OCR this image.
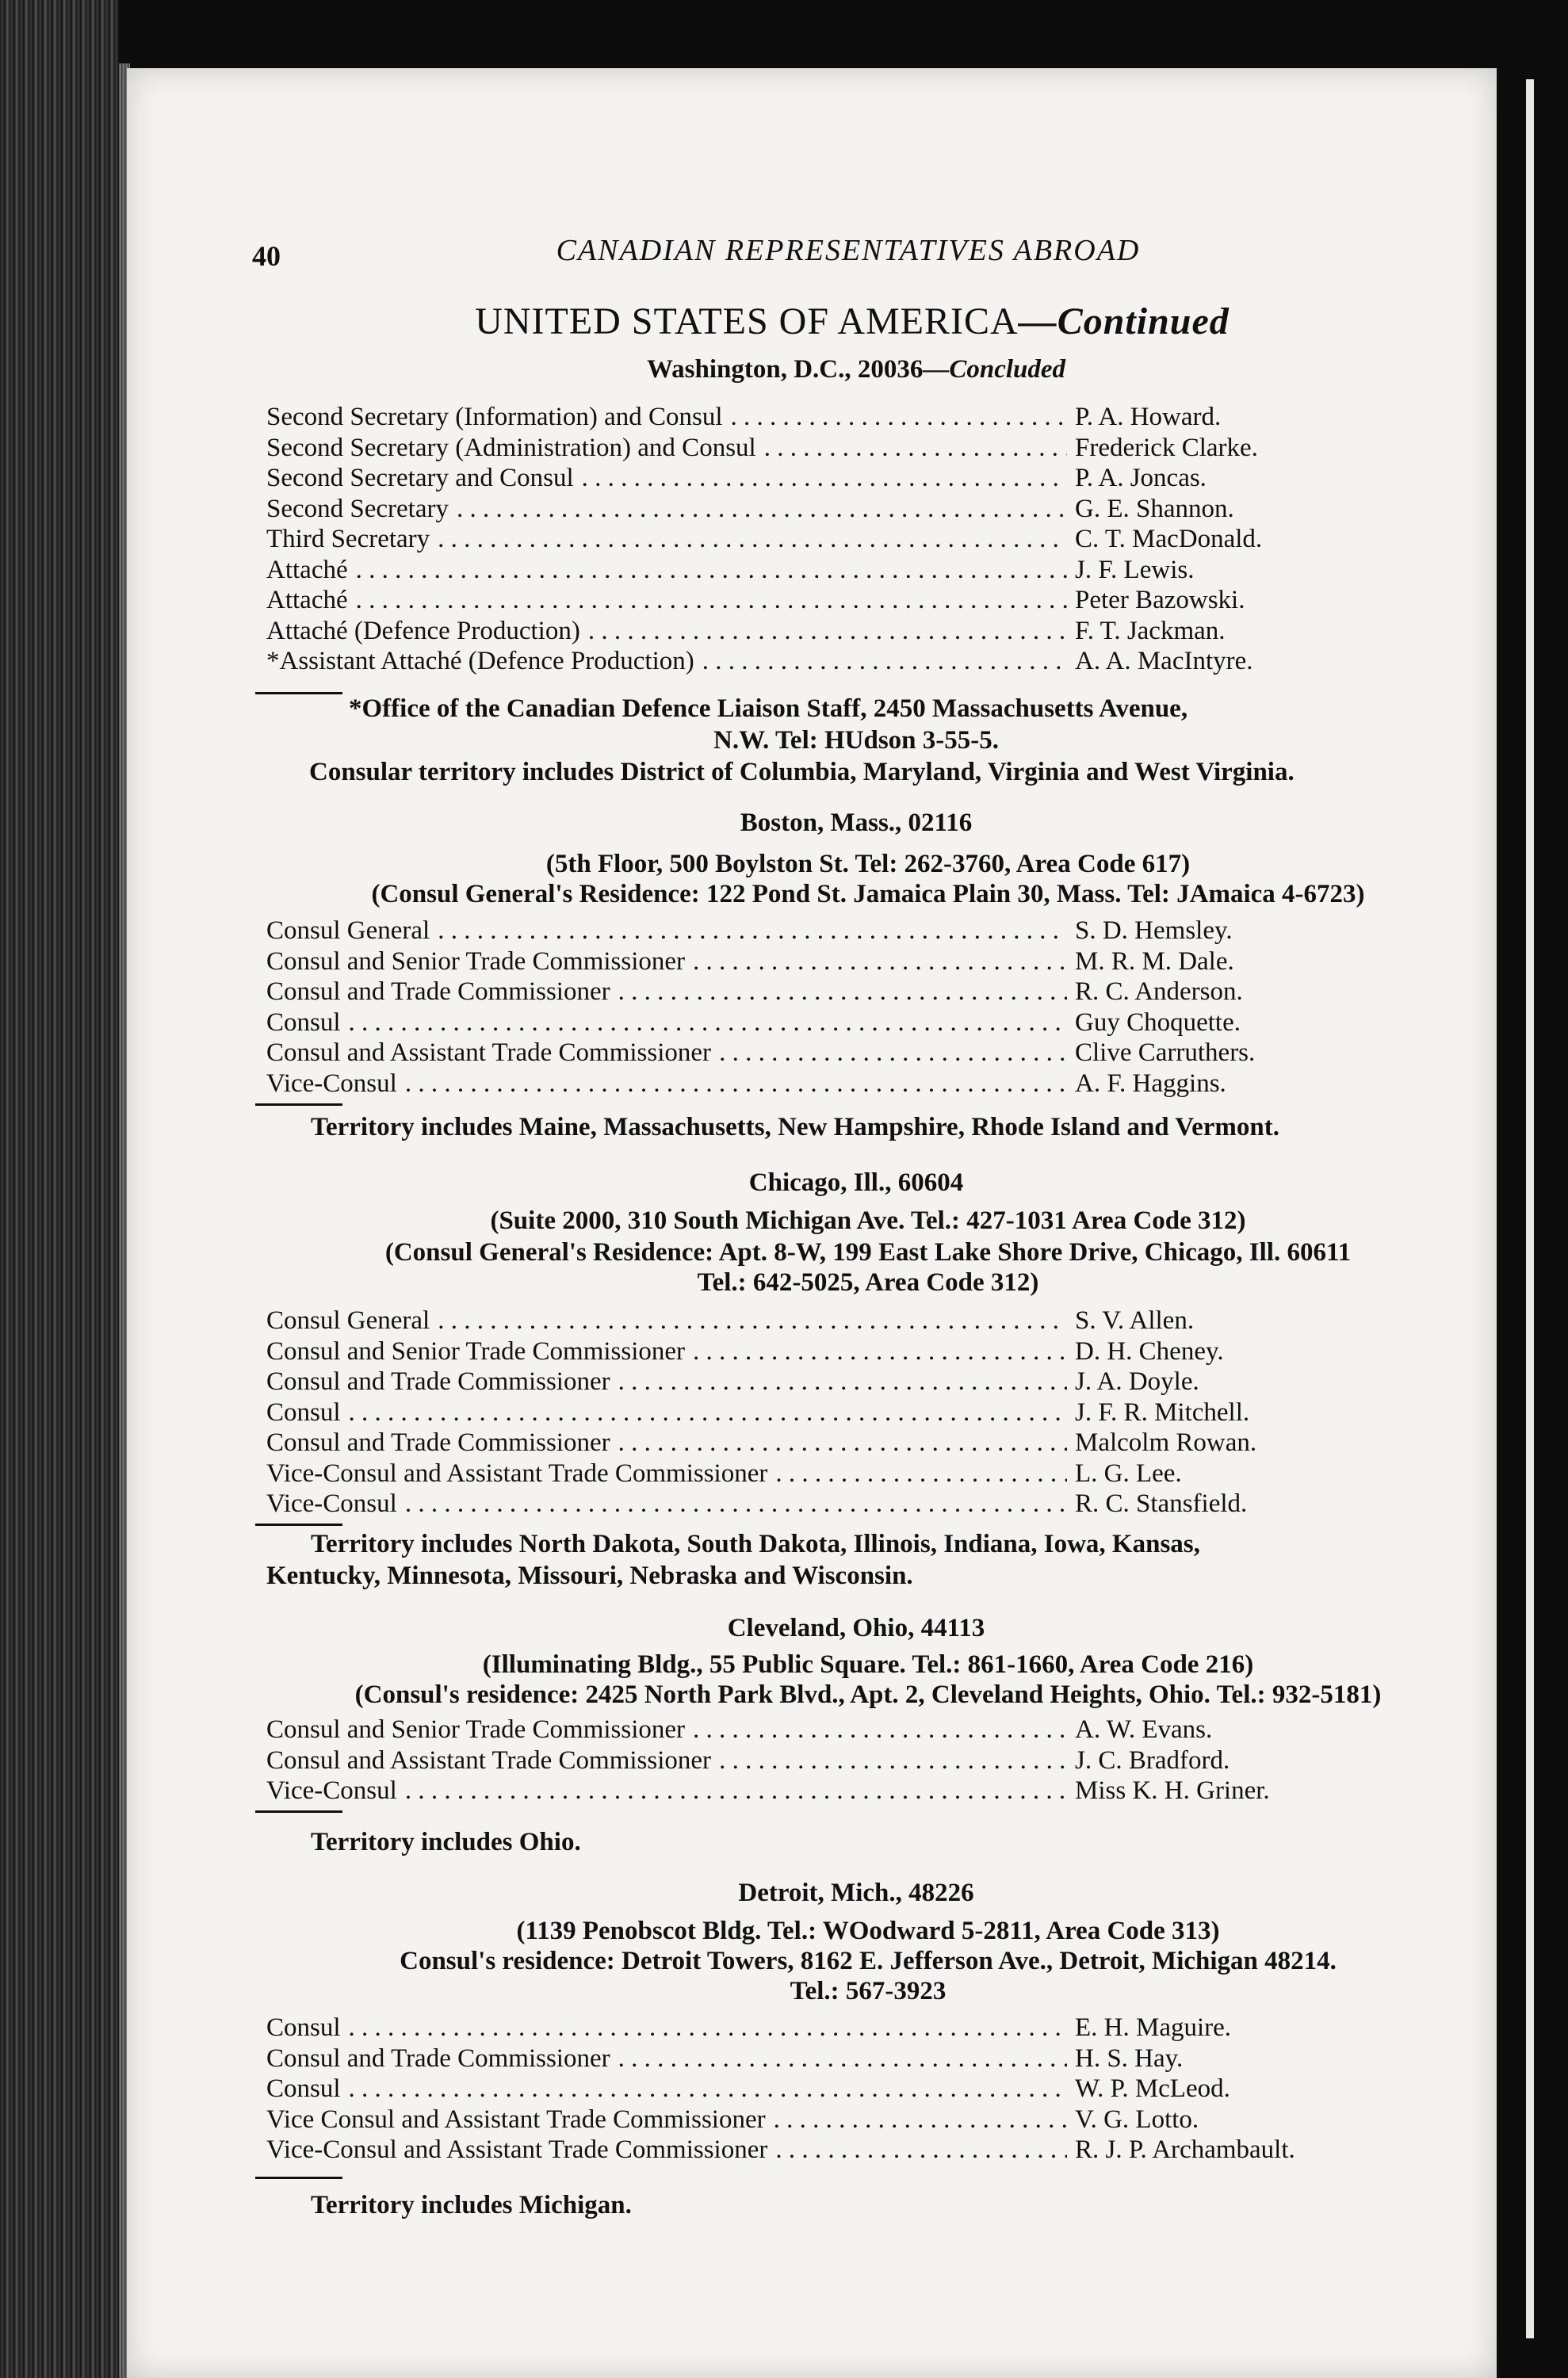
40	CANADIAN REPRESENTATIVES ABROAD
UNITED STATES OF AMERICA—Continued
Washington, D.C., 20036—Concluded
Second Secretary (Information) and Consul . . .	P. A. Howard.
Second Secretary (Administration) and Consul . . .	Frederick Clarke.
Second Secretary and Consul . . .	P. A. Joncas.
Second Secretary . . .	G. E. Shannon.
Third Secretary . . .	C. T. MacDonald.
Attaché . . .	J. F. Lewis.
Attaché . . .	Peter Bazowski.
Attaché (Defence Production) . . .	F. T. Jackman.
*Assistant Attaché (Defence Production) . . .	A. A. MacIntyre.
*Office of the Canadian Defence Liaison Staff, 2450 Massachusetts Avenue,
N.W. Tel: HUdson 3-55-5.
Consular territory includes District of Columbia, Maryland, Virginia and West Virginia.
Boston, Mass., 02116
(5th Floor, 500 Boylston St. Tel: 262-3760, Area Code 617)
(Consul General's Residence: 122 Pond St. Jamaica Plain 30, Mass. Tel: JAmaica 4-6723)
Consul General . . .	S. D. Hemsley.
Consul and Senior Trade Commissioner . . .	M. R. M. Dale.
Consul and Trade Commissioner . . .	R. C. Anderson.
Consul . . .	Guy Choquette.
Consul and Assistant Trade Commissioner . . .	Clive Carruthers.
Vice-Consul . . .	A. F. Haggins.
Territory includes Maine, Massachusetts, New Hampshire, Rhode Island and Vermont.
Chicago, Ill., 60604
(Suite 2000, 310 South Michigan Ave. Tel.: 427-1031 Area Code 312)
(Consul General's Residence: Apt. 8-W, 199 East Lake Shore Drive, Chicago, Ill. 60611
Tel.: 642-5025, Area Code 312)
Consul General . . .	S. V. Allen.
Consul and Senior Trade Commissioner . . .	D. H. Cheney.
Consul and Trade Commissioner . . .	J. A. Doyle.
Consul . . .	J. F. R. Mitchell.
Consul and Trade Commissioner . . .	Malcolm Rowan.
Vice-Consul and Assistant Trade Commissioner . . .	L. G. Lee.
Vice-Consul . . .	R. C. Stansfield.
Territory includes North Dakota, South Dakota, Illinois, Indiana, Iowa, Kansas,
Kentucky, Minnesota, Missouri, Nebraska and Wisconsin.
Cleveland, Ohio, 44113
(Illuminating Bldg., 55 Public Square. Tel.: 861-1660, Area Code 216)
(Consul's residence: 2425 North Park Blvd., Apt. 2, Cleveland Heights, Ohio. Tel.: 932-5181)
Consul and Senior Trade Commissioner . . .	A. W. Evans.
Consul and Assistant Trade Commissioner . . .	J. C. Bradford.
Vice-Consul . . .	Miss K. H. Griner.
Territory includes Ohio.
Detroit, Mich., 48226
(1139 Penobscot Bldg. Tel.: WOodward 5-2811, Area Code 313)
Consul's residence: Detroit Towers, 8162 E. Jefferson Ave., Detroit, Michigan 48214.
Tel.: 567-3923
Consul . . .	E. H. Maguire.
Consul and Trade Commissioner . . .	H. S. Hay.
Consul . . .	W. P. McLeod.
Vice Consul and Assistant Trade Commissioner . . .	V. G. Lotto.
Vice-Consul and Assistant Trade Commissioner . . .	R. J. P. Archambault.
Territory includes Michigan.
